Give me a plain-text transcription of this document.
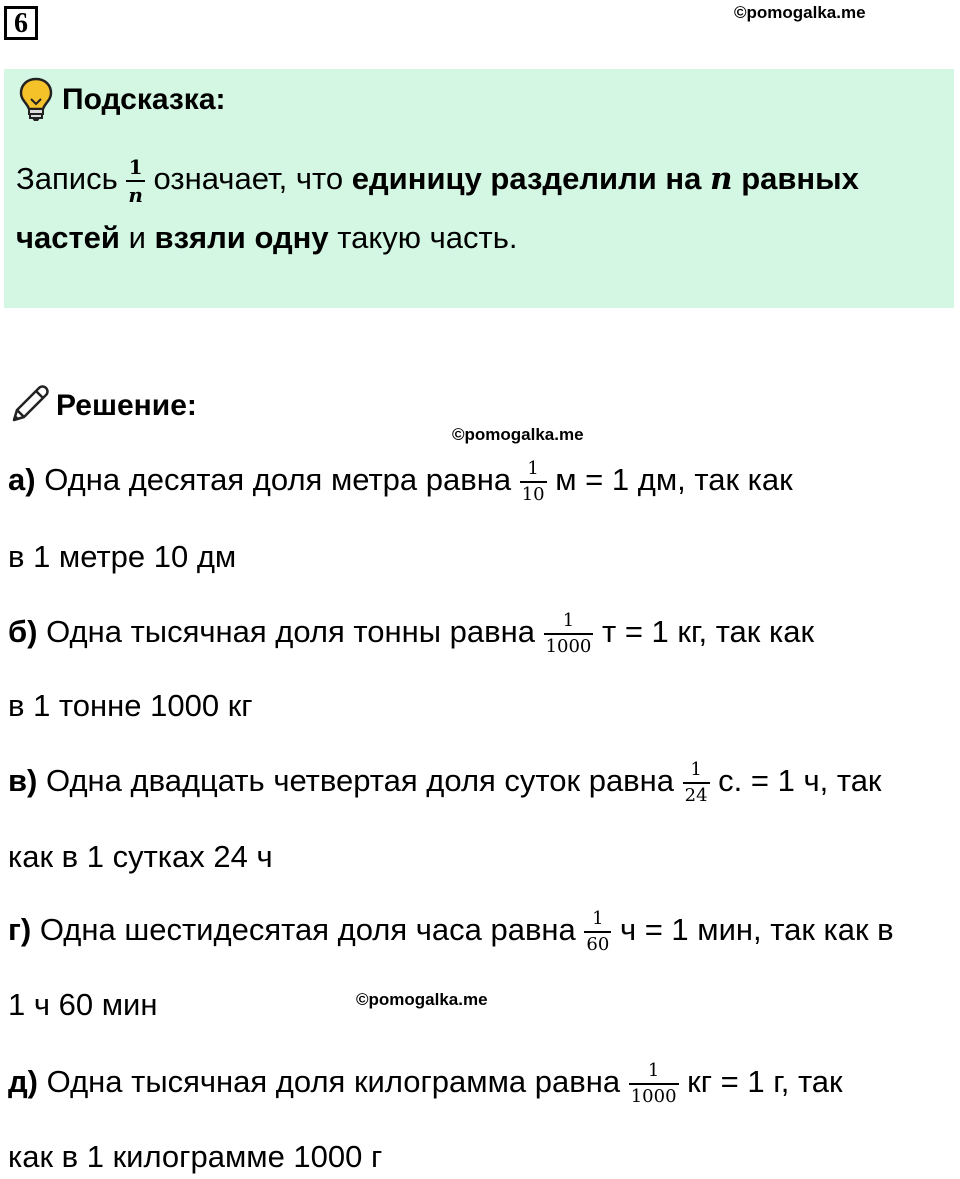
6	©pomogalka.me
Подсказка:
Запись $\frac{1}{n}$ означает, что единицу разделили на n равных
частей и взяли одну такую часть.
Решение:
©pomogalka.me
а) Одна десятая доля метра равна $\frac{1}{10}$ м = 1 дм, так как
в 1 метре 10 дм
б) Одна тысячная доля тонны равна $\frac{1}{1000}$ т = 1 кг, так как
в 1 тонне 1000 кг
в) Одна двадцать четвертая доля суток равна $\frac{1}{24} с$. = 1 ч, так
как в 1 сутках 24 ч
г) Одна шестидесятая доля часа равна $\frac{1}{60}$ ч = 1 мин, так как в
1 ч 60 мин	©pomogalka.me
д) Одна тысячная доля килограмма равна $\frac{1}{1000}$ кг = 1 г, так
как в 1 килограмме 1000 г
